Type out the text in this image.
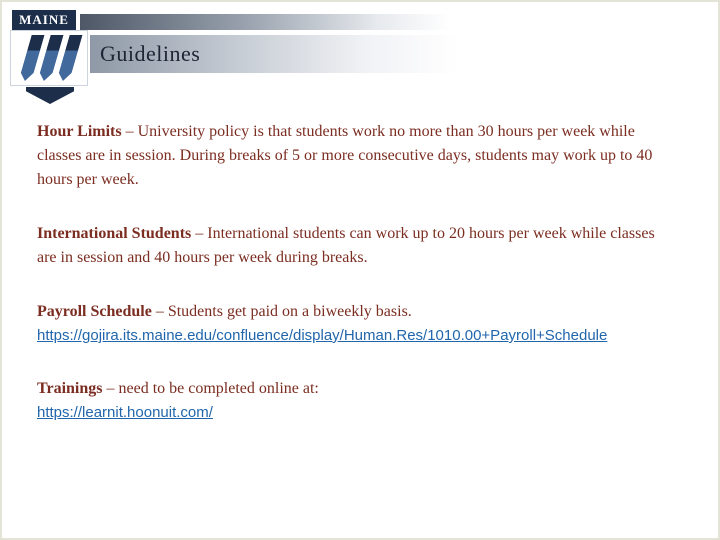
Guidelines
MAINE

Hour Limits – University policy is that students work no more than 30 hours per week while classes are in session. During breaks of 5 or more consecutive days, students may work up to 40 hours per week.

International Students – International students can work up to 20 hours per week while classes are in session and 40 hours per week during breaks.

Payroll Schedule – Students get paid on a biweekly basis.
https://gojira.its.maine.edu/confluence/display/Human.Res/1010.00+Payroll+Schedule

Trainings – need to be completed online at:
https://learnit.hoonuit.com/
